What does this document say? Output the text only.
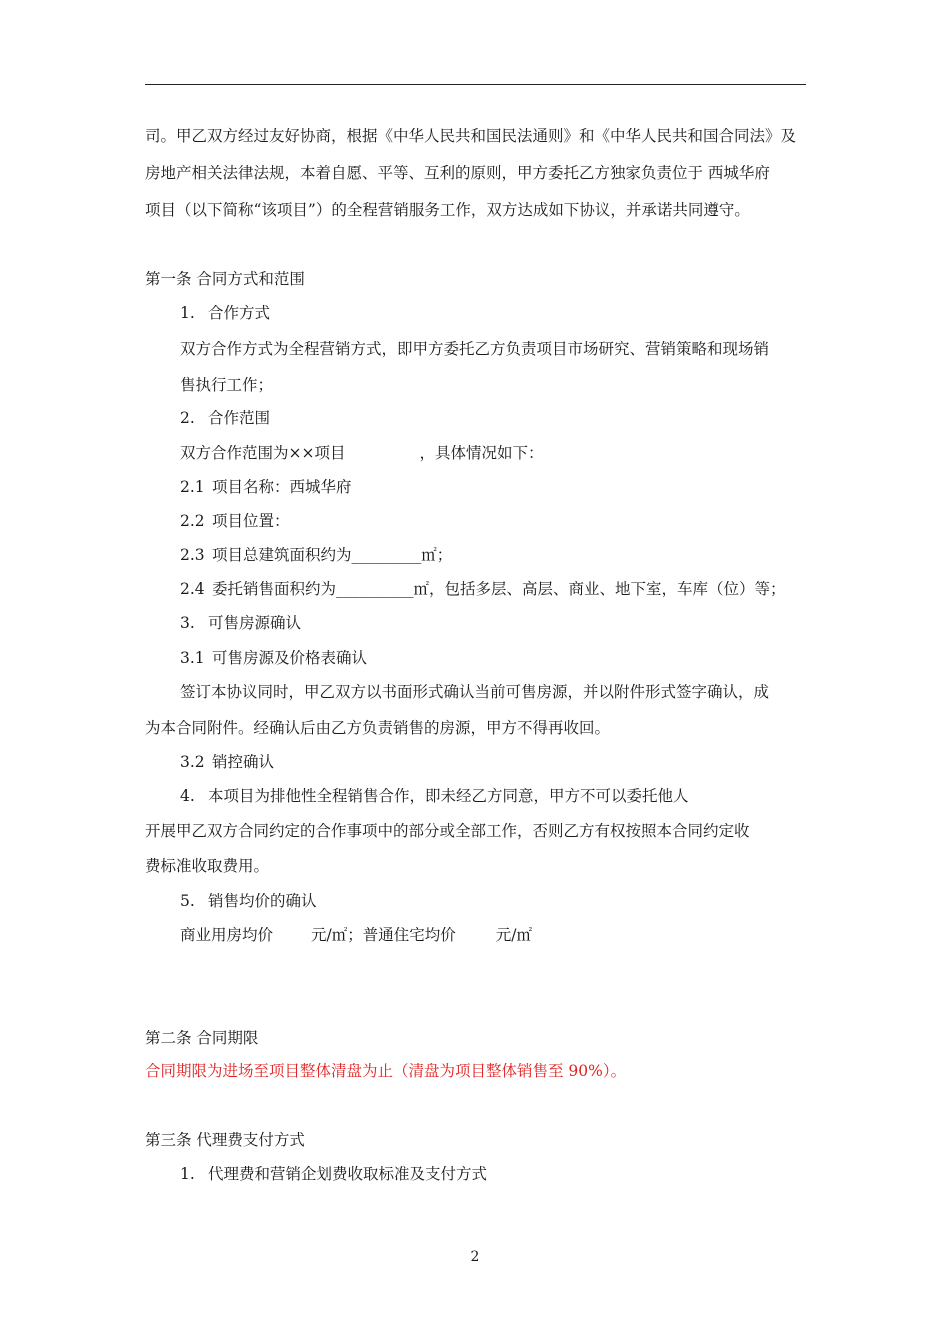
司。甲乙双方经过友好协商，根据《中华人民共和国民法通则》和《中华人民共和国合同法》及
房地产相关法律法规，本着自愿、平等、互利的原则，甲方委托乙方独家负责位于 西城华府
项目（以下简称“该项目”）的全程营销服务工作，双方达成如下协议，并承诺共同遵守。
第一条 合同方式和范围
1. 合作方式
双方合作方式为全程营销方式，即甲方委托乙方负责项目市场研究、营销策略和现场销
售执行工作；
2. 合作范围
双方合作范围为××项目	，具体情况如下：
2.1 项目名称：西城华府
2.2 项目位置：
2.3 项目总建筑面积约为_________㎡；
2.4 委托销售面积约为__________㎡，包括多层、高层、商业、地下室，车库（位）等；
3. 可售房源确认
3.1 可售房源及价格表确认
签订本协议同时，甲乙双方以书面形式确认当前可售房源，并以附件形式签字确认，成
为本合同附件。经确认后由乙方负责销售的房源，甲方不得再收回。
3.2 销控确认
4. 本项目为排他性全程销售合作，即未经乙方同意，甲方不可以委托他人
开展甲乙双方合同约定的合作事项中的部分或全部工作，否则乙方有权按照本合同约定收
费标准收取费用。
5. 销售均价的确认
商业用房均价 元/㎡；普通住宅均价	元/㎡
第二条 合同期限
合同期限为进场至项目整体清盘为止（清盘为项目整体销售至 90%）。
第三条 代理费支付方式
1. 代理费和营销企划费收取标准及支付方式
2
